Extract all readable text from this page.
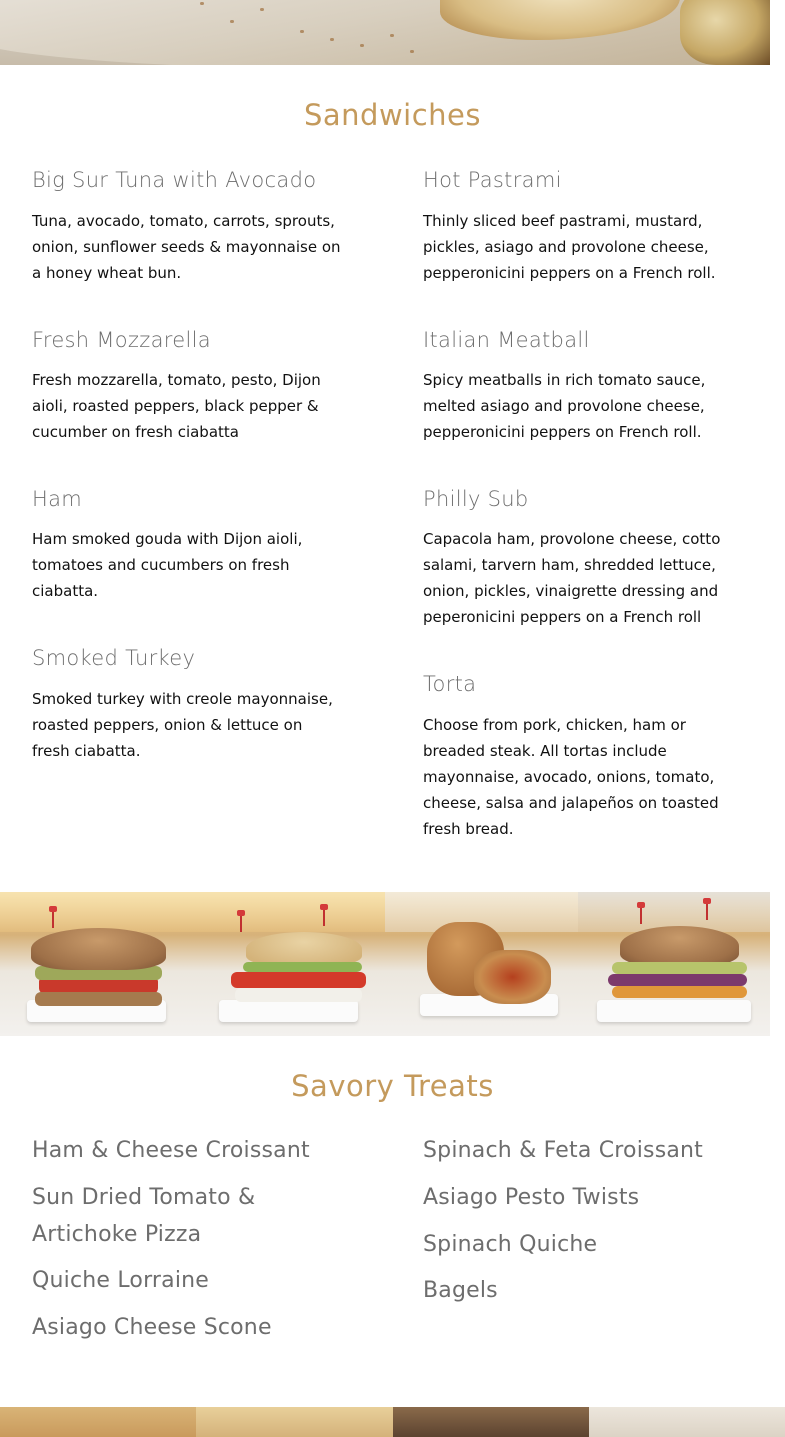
Sandwiches
Big Sur Tuna with Avocado
Tuna, avocado, tomato, carrots, sprouts,
onion, sunflower seeds & mayonnaise on
a honey wheat bun.
Fresh Mozzarella
Fresh mozzarella, tomato, pesto, Dijon
aioli, roasted peppers, black pepper &
cucumber on fresh ciabatta
Ham
Ham smoked gouda with Dijon aioli,
tomatoes and cucumbers on fresh
ciabatta.
Smoked Turkey
Smoked turkey with creole mayonnaise,
roasted peppers, onion & lettuce on
fresh ciabatta.
Hot Pastrami
Thinly sliced beef pastrami, mustard,
pickles, asiago and provolone cheese,
pepperonicini peppers on a French roll.
Italian Meatball
Spicy meatballs in rich tomato sauce,
melted asiago and provolone cheese,
pepperonicini peppers on French roll.
Philly Sub
Capacola ham, provolone cheese, cotto
salami, tarvern ham, shredded lettuce,
onion, pickles, vinaigrette dressing and
peperonicini peppers on a French roll
Torta
Choose from pork, chicken, ham or
breaded steak. All tortas include
mayonnaise, avocado, onions, tomato,
cheese, salsa and jalapeños on toasted
fresh bread.
Savory Treats
Ham & Cheese Croissant
Sun Dried Tomato & Artichoke Pizza
Quiche Lorraine
Asiago Cheese Scone
Spinach & Feta Croissant
Asiago Pesto Twists
Spinach Quiche
Bagels
